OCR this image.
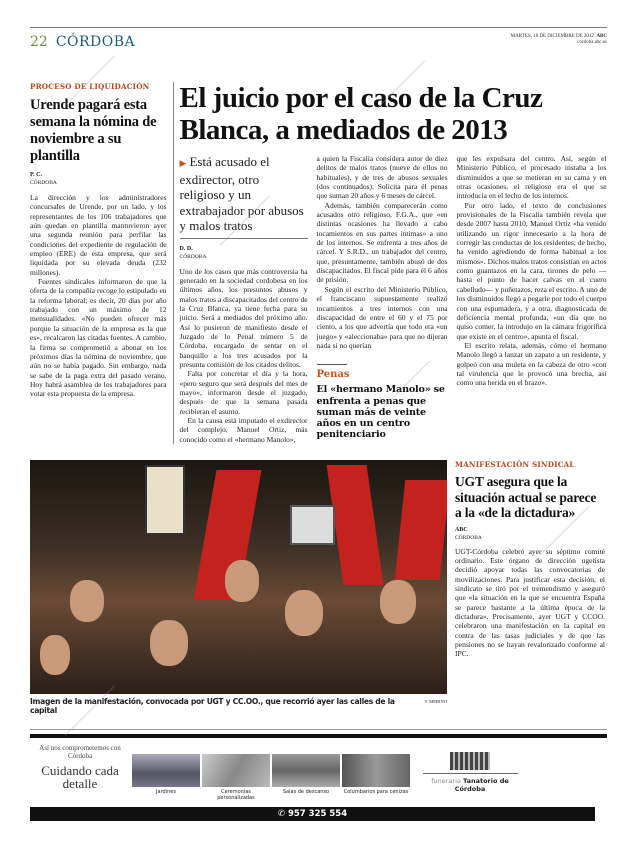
22 CÓRDOBA	MARTES, 18 DE DICIEMBRE DE 2012 ABC
cordoba.abc.es
PROCESO DE LIQUIDACIÓN
Urende pagará esta semana la nómina de noviembre a su plantilla
P. C.
CÓRDOBA

La dirección y los administradores concursales de Urende, por un lado, y los representantes de los 106 trabajadores que aún quedan en plantilla mantuvieron ayer una segunda reunión para perfilar las condiciones del expediente de regulación de empleo (ERE) de esta empresa, que será liquidada por su elevada deuda (232 millones).

Fuentes sindicales informaron de que la oferta de la compañía recoge lo estipulado en la reforma laboral; es decir, 20 días por año trabajado con un máximo de 12 mensualidades. «No pueden ofrecer más porque la situación de la empresa es la que es», recalcaron las citadas fuentes. A cambio, la firma se comprometió a abonar en los próximos días la nómina de noviembre, que aún no se había pagado. Sin embargo, nada se sabe de la paga extra del pasado verano. Hoy habrá asamblea de los trabajadores para votar esta propuesta de la empresa.

El juicio por el caso de la Cruz Blanca, a mediados de 2013
▶ Está acusado el exdirector, otro religioso y un extrabajador por abusos y malos tratos
D. D.
CÓRDOBA

Uno de los casos que más controversia ha generado en la sociedad cordobesa en los últimos años, los presuntos abusos y malos tratos a discapacitados del centro de la Cruz Blanca, ya tiene fecha para su juicio. Será a mediados del próximo año. Así lo pusieron de manifiesto desde el Juzgado de lo Penal número 5 de Córdoba, encargado de sentar en el banquillo a los tres acusados por la presunta comisión de los citados delitos.

Falta por concretar el día y la hora, «pero seguro que será después del mes de mayo», informaron desde el juzgado, después de que la semana pasada recibieran el asunto.

En la causa está imputado el exdirector del complejo, Manuel Ortiz, más conocido como el «hermano Manolo»,

a quien la Fiscalía considera autor de diez delitos de malos tratos (nueve de ellos no habituales), y de tres de abusos sexuales (dos continuados). Solicita para él penas que suman 20 años y 6 meses de cárcel.

Además, también comparecerán como acusados otro religioso, F.G.A., que «en distintas ocasiones ha llevado a cabo tocamientos en sus partes íntimas» a uno de los internos. Se enfrenta a tres años de cárcel. Y S.R.D., un trabajador del centro, que, presuntamente, también abusó de dos discapacitados. El fiscal pide para él 6 años de prisión.

Según el escrito del Ministerio Público, el franciscano supuestamente realizó tocamientos a tres internos con una discapacidad de entre el 60 y el 75 por ciento, a los que advertía que todo era «un juego» y «aleccionaba» para que no dijeran nada si no querían

Penas
El «hermano Manolo» se enfrenta a penas que suman más de veinte años en un centro penitenciario

que les expulsara del centro. Así, según el Ministerio Público, el procesado instaba a los disminuidos a que se metieran en su cama y en otras ocasiones, el religioso era el que se introducía en el lecho de los internos.

Por otro lado, el texto de conclusiones provisionales de la Fiscalía también revela que desde 2007 hasta 2010, Manuel Ortiz «ha venido utilizando un rigor innecesario a la hora de corregir las conductas de los residentes; de hecho, ha venido agrediendo de forma habitual a los mismos». Dichos malos tratos consistían en actos como guantazos en la cara, tirones de pelo —hasta el punto de hacer calvas en el cuero cabelludo— y puñetazos, reza el escrito. A uno de los disminuidos llegó a pegarle por todo el cuerpo con una espumadera, y a otra, diagnosticada de deficiencia mental profunda, «un día que no quiso comer, la introdujo en la cámara frigorífica que existe en el centro», apunta el fiscal.

El escrito relata, además, cómo el hermano Manolo llegó a lanzar un zapato a un residente, y golpeó con una muleta en la cabeza de otro «con tal virulencia que le provocó una brecha, así como una herida en el brazo».

Imagen de la manifestación, convocada por UGT y CC.OO., que recorrió ayer las calles de la capital
V. MERINO
MANIFESTACIÓN SINDICAL
UGT asegura que la situación actual se parece a la «de la dictadura»
ABC
CÓRDOBA

UGT-Córdoba celebró ayer su séptimo comité ordinario. Este órgano de dirección ugetista decidió apoyar todas las convocatorias de movilizaciones. Para justificar esta decisión, el sindicato se tiró por el tremendismo y aseguró que «la situación en la que se encuentra España se parece bastante a la última época de la dictadura». Precisamente, ayer UGT y CCOO. celebraron una manifestación en la capital en contra de las tasas judiciales y de que las pensiones no se hayan revalorizado conforme al IPC.

Así nos comprometemos con Córdoba
Cuidando cada detalle
Jardines	Ceremonias personalizadas
Salas de descanso	Columbarios para cenizas
funeraria Tanatorio de Córdoba
✆ 957 325 554
